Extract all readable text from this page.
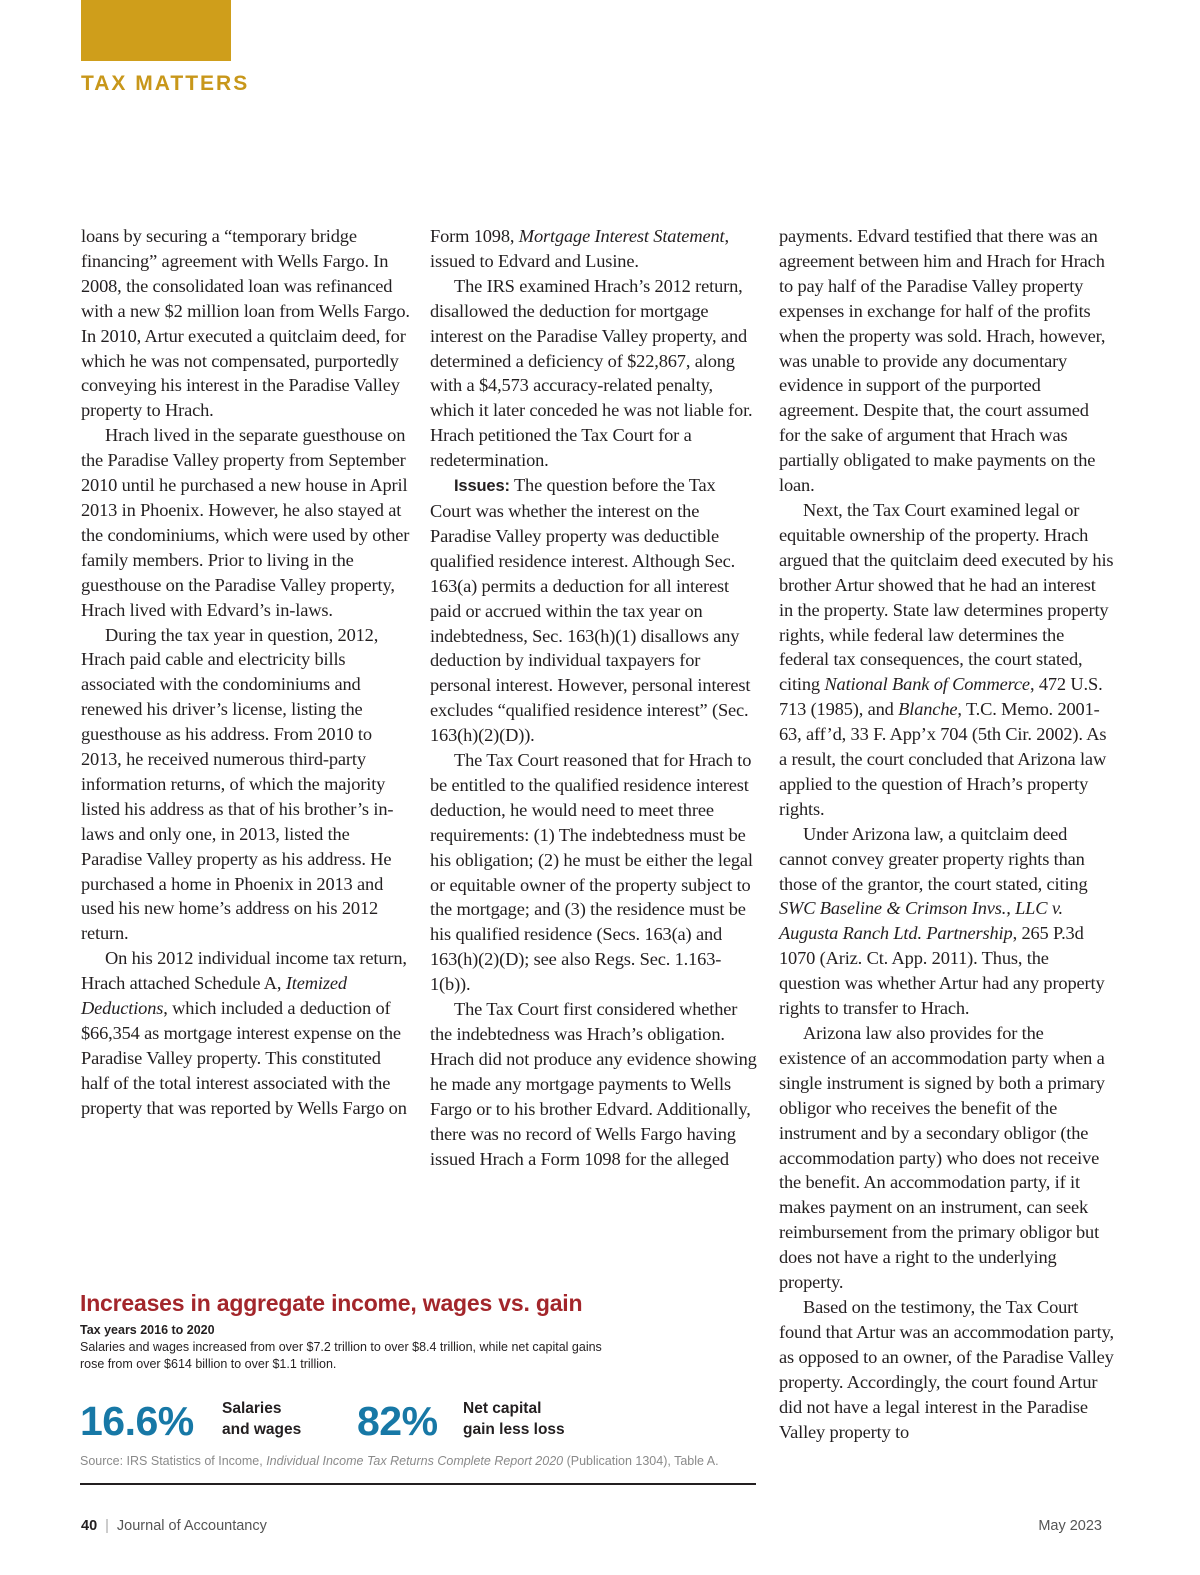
TAX MATTERS

loans by securing a “temporary bridge financing” agreement with Wells Fargo. In 2008, the consolidated loan was refinanced with a new $2 million loan from Wells Fargo. In 2010, Artur executed a quitclaim deed, for which he was not compensated, purportedly conveying his interest in the Paradise Valley property to Hrach.

Hrach lived in the separate guesthouse on the Paradise Valley property from September 2010 until he purchased a new house in April 2013 in Phoenix. However, he also stayed at the condominiums, which were used by other family members. Prior to living in the guesthouse on the Paradise Valley property, Hrach lived with Edvard’s in-laws.

During the tax year in question, 2012, Hrach paid cable and electricity bills associated with the condominiums and renewed his driver’s license, listing the guesthouse as his address. From 2010 to 2013, he received numerous third-party information returns, of which the majority listed his address as that of his brother’s in-laws and only one, in 2013, listed the Paradise Valley property as his address. He purchased a home in Phoenix in 2013 and used his new home’s address on his 2012 return.

On his 2012 individual income tax return, Hrach attached Schedule A, Itemized Deductions, which included a deduction of $66,354 as mortgage interest expense on the Paradise Valley property. This constituted half of the total interest associated with the property that was reported by Wells Fargo on

Form 1098, Mortgage Interest Statement, issued to Edvard and Lusine.

The IRS examined Hrach’s 2012 return, disallowed the deduction for mortgage interest on the Paradise Valley property, and determined a deficiency of $22,867, along with a $4,573 accuracy-related penalty, which it later conceded he was not liable for. Hrach petitioned the Tax Court for a redetermination.

Issues: The question before the Tax Court was whether the interest on the Paradise Valley property was deductible qualified residence interest. Although Sec. 163(a) permits a deduction for all interest paid or accrued within the tax year on indebtedness, Sec. 163(h)(1) disallows any deduction by individual taxpayers for personal interest. However, personal interest excludes “qualified residence interest” (Sec. 163(h)(2)(D)).

The Tax Court reasoned that for Hrach to be entitled to the qualified residence interest deduction, he would need to meet three requirements: (1) The indebtedness must be his obligation; (2) he must be either the legal or equitable owner of the property subject to the mortgage; and (3) the residence must be his qualified residence (Secs. 163(a) and 163(h)(2)(D); see also Regs. Sec. 1.163-1(b)).

The Tax Court first considered whether the indebtedness was Hrach’s obligation. Hrach did not produce any evidence showing he made any mortgage payments to Wells Fargo or to his brother Edvard. Additionally, there was no record of Wells Fargo having issued Hrach a Form 1098 for the alleged

payments. Edvard testified that there was an agreement between him and Hrach for Hrach to pay half of the Paradise Valley property expenses in exchange for half of the profits when the property was sold. Hrach, however, was unable to provide any documentary evidence in support of the purported agreement. Despite that, the court assumed for the sake of argument that Hrach was partially obligated to make payments on the loan.

Next, the Tax Court examined legal or equitable ownership of the property. Hrach argued that the quitclaim deed executed by his brother Artur showed that he had an interest in the property. State law determines property rights, while federal law determines the federal tax consequences, the court stated, citing National Bank of Commerce, 472 U.S. 713 (1985), and Blanche, T.C. Memo. 2001-63, aff’d, 33 F. App’x 704 (5th Cir. 2002). As a result, the court concluded that Arizona law applied to the question of Hrach’s property rights.

Under Arizona law, a quitclaim deed cannot convey greater property rights than those of the grantor, the court stated, citing SWC Baseline & Crimson Invs., LLC v. Augusta Ranch Ltd. Partnership, 265 P.3d 1070 (Ariz. Ct. App. 2011). Thus, the question was whether Artur had any property rights to transfer to Hrach.

Arizona law also provides for the existence of an accommodation party when a single instrument is signed by both a primary obligor who receives the benefit of the instrument and by a secondary obligor (the accommodation party) who does not receive the benefit. An accommodation party, if it makes payment on an instrument, can seek reimbursement from the primary obligor but does not have a right to the underlying property.

Based on the testimony, the Tax Court found that Artur was an accommodation party, as opposed to an owner, of the Paradise Valley property. Accordingly, the court found Artur did not have a legal interest in the Paradise Valley property to

Increases in aggregate income, wages vs. gain
Tax years 2016 to 2020
Salaries and wages increased from over $7.2 trillion to over $8.4 trillion, while net capital gains rose from over $614 billion to over $1.1 trillion.
16.6% Salaries
and wages 82% Net capital
gain less loss
Source: IRS Statistics of Income, Individual Income Tax Returns Complete Report 2020 (Publication 1304), Table A.
40 | Journal of Accountancy	May 2023
